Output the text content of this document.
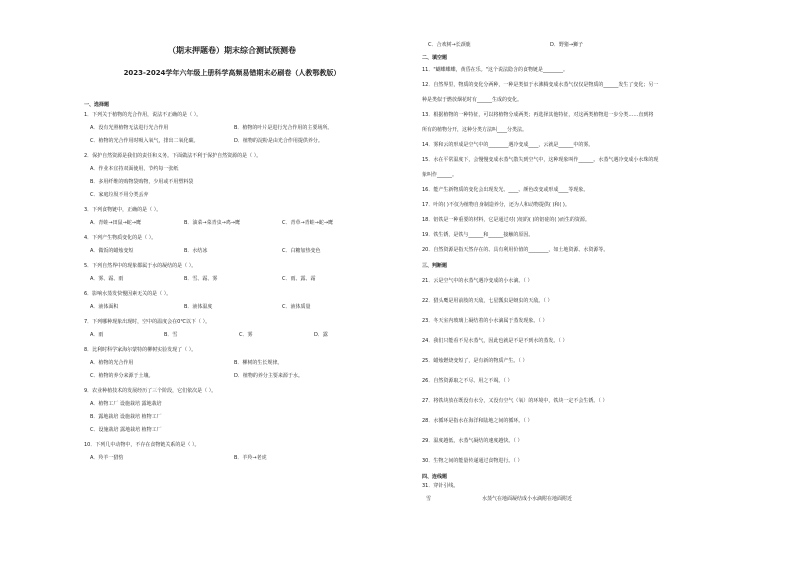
（期末押题卷）期末综合测试预测卷
2023-2024学年六年级上册科学高频易错期末必刷卷（人教鄂教版）
一、选择题
1．下列关于植物的光合作用，说法不正确的是（ ）。
A．没有光照植物无法进行光合作用	B．植物的叶片是进行光合作用的主要场所。
C．植物的光合作用时吸入氧气，排出二氧化碳。	D．植物的淀粉是由光合作用提供养分。
2．保护自然资源是我们的责任和义务。下面做法不利于保护自然资源的是（ ）。
A．作业本宜持双面使用，节约每一张纸
B．多用纤维的购物袋购物，少用或不用塑料袋
C．家庭垃圾不用分类丢弃
3．下列食物链中，正确的是（ ）。
A．青蛙→田鼠→蛇→鹰	B．油菜→菜青虫→鸡→鹰	C．青草→青蛙→蛇→鹰
4．下列产生物质变化的是（ ）。
A．做饭的蜡烛变短	B．水结冰	C．白糖加热变色
5．下列自然界中的现象都属于水的凝结的是（ ）。
A．雾、霜、雨	B．雪、霜、雾	C．雨、露、霜
6．影响水蒸发快慢因素无关的是（ ）。
A．液体面积	B．液体温度	C．液体质量
7．下列哪种现象出现时，空中的温度会在0℃以下（ ）。
A．雨	B．雪	C．雾	D．露
8．比利时科学家海尔蒙特的柳树实验发现了（ ）。
A．植物的光合作用	B．柳树的生长规律。
C．植物的养分来源于土壤。	D．植物的养分主要来源于水。
9．农业种植技术的发展经历了三个阶段，它们依次是（ ）。
A．植物工厂 设施栽培 露地栽培
B．露地栽培 设施栽培 植物工厂
C．设施栽培 露地栽培 植物工厂
10．下列几中动物中，不存在食物链关系的是（ ）。
A．羚羊一猎豹	B．羊羚→老虎
C．合欢树→长颈鹿	D．野猪→狮子
二、填空题
11．"蝴蝶蝶蝶，黄昏在乐。"这个说法隐含的食物链是________。
12．自然界里，物质的变化分两种，一种是类似于水沸腾变成水蒸气仅仅是物质的______发生了变化；另一
种是类似于燃放烟花时有______生成的变化。
13．根据植物的一种特征，可以将植物分成两类；再选择其他特征，对这两类植物进一步分类……直到将
所有的植物分开，这种分类方法叫____分类法。
14．雾和云的形成是空气中的________遇冷变成____，云就是______中的雾。
15．水在平常温度下，会慢慢变成水蒸气散失到空气中，这种现象叫作______。水蒸气遇冷变成小水珠的现
象叫作______。
16．能产生新物质的变化会出现发光、____、颜色改变或形成____等现象。
17．叶的( )不仅为植物自身制造养分，还为人和动物提供( )和( )。
18．铝铁是一种重要的材料，它是通过对( )铝的( )的铝硅的( )而生的资源。
19．铁生锈，是铁与______和______接触的原因。
20．自然资源是指天然存在的、具有利用价值的________，如土地资源、水资源等。
三、判断题
21．云是空气中的水蒸气遇冷变成的小水滴。（ ）
22．猎头鹰是用前肢的天敌，七星瓢虫是蚜虫的天敌。（ ）
23．冬天室内玻璃上凝结着的小水滴属于蒸发现象。（ ）
24．我们只能看不见水蒸气，因此也就是不是不到水的蒸发。（ ）
25．蜡烛燃烧变短了，是有新的物质产生。（ ）
26．自然资源取之不尽、用之不竭。（ ）
27．将铁块放在既没有水分，又没有空气（氧）的环境中，铁块一定不会生锈。（ ）
28．水循环是指水在海洋和陆地之间的循环。（ ）
29．温度越低，水蒸气凝结的速度越快。（ ）
30．生物之间的能量传递通过食物进行。（ ）
四、连线题
31．穿针引线。
雪	水蒸气在地面凝结成小水滴附在地面附近
